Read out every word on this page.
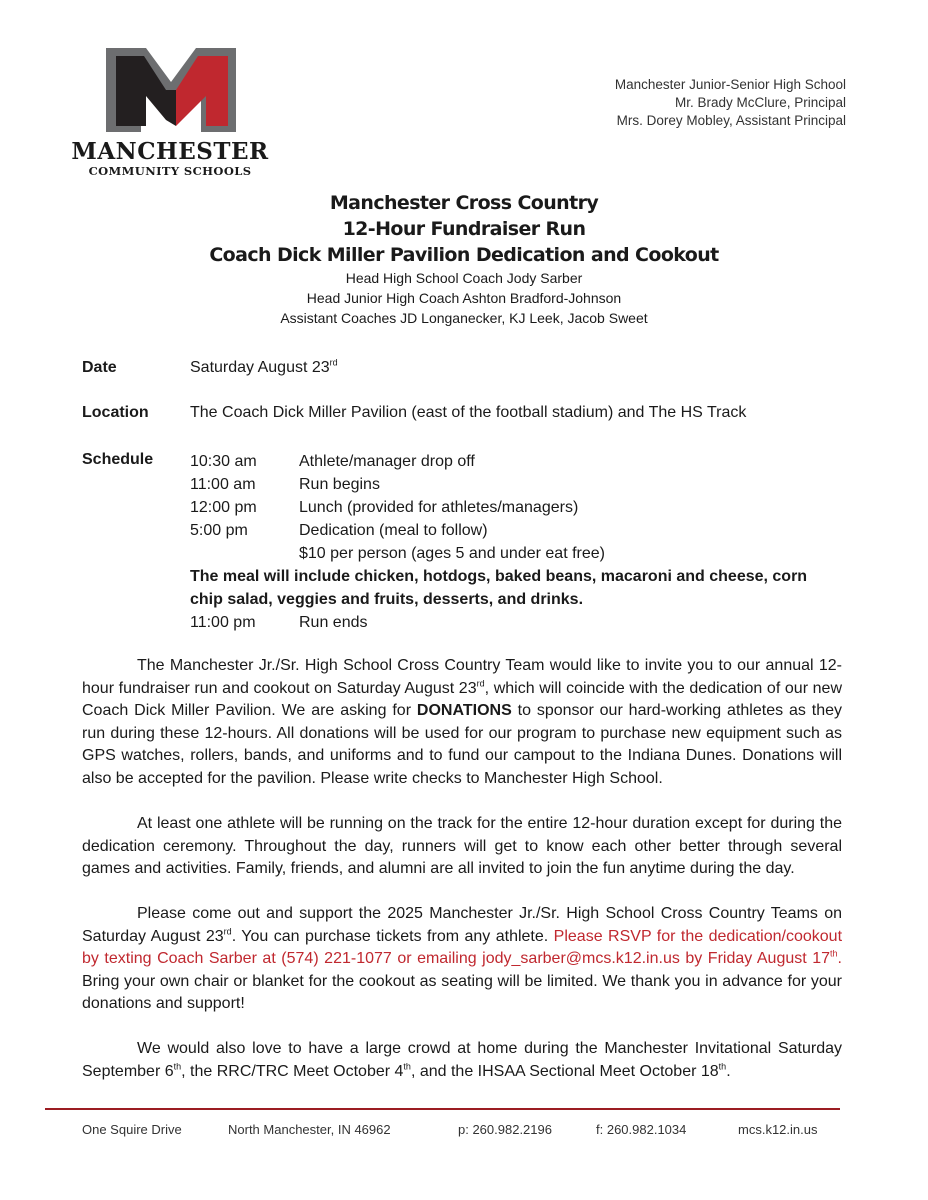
MANCHESTER
COMMUNITY SCHOOLS
Manchester Junior-Senior High School
Mr. Brady McClure, Principal
Mrs. Dorey Mobley, Assistant Principal
Manchester Cross Country
12-Hour Fundraiser Run
Coach Dick Miller Pavilion Dedication and Cookout
Head High School Coach Jody Sarber
Head Junior High Coach Ashton Bradford-Johnson
Assistant Coaches JD Longanecker, KJ Leek, Jacob Sweet
Date	Saturday August 23rd
Location	The Coach Dick Miller Pavilion (east of the football stadium) and The HS Track
Schedule 10:30 am	Athlete/manager drop off
11:00 am	Run begins
12:00 pm	Lunch (provided for athletes/managers)
5:00 pm	Dedication (meal to follow)
$10 per person (ages 5 and under eat free)
The meal will include chicken, hotdogs, baked beans, macaroni and cheese, corn chip salad, veggies and fruits, desserts, and drinks.
11:00 pm	Run ends
The Manchester Jr./Sr. High School Cross Country Team would like to invite you to our annual 12-hour fundraiser run and cookout on Saturday August 23rd, which will coincide with the dedication of our new Coach Dick Miller Pavilion. We are asking for DONATIONS to sponsor our hard-working athletes as they run during these 12-hours. All donations will be used for our program to purchase new equipment such as GPS watches, rollers, bands, and uniforms and to fund our campout to the Indiana Dunes. Donations will also be accepted for the pavilion. Please write checks to Manchester High School.
At least one athlete will be running on the track for the entire 12-hour duration except for during the dedication ceremony. Throughout the day, runners will get to know each other better through several games and activities. Family, friends, and alumni are all invited to join the fun anytime during the day.
Please come out and support the 2025 Manchester Jr./Sr. High School Cross Country Teams on Saturday August 23rd. You can purchase tickets from any athlete. Please RSVP for the dedication/cookout by texting Coach Sarber at (574) 221-1077 or emailing jody_sarber@mcs.k12.in.us by Friday August 17th. Bring your own chair or blanket for the cookout as seating will be limited. We thank you in advance for your donations and support!
We would also love to have a large crowd at home during the Manchester Invitational Saturday September 6th, the RRC/TRC Meet October 4th, and the IHSAA Sectional Meet October 18th.
One Squire Drive	North Manchester, IN 46962	p: 260.982.2196	f: 260.982.1034	mcs.k12.in.us
